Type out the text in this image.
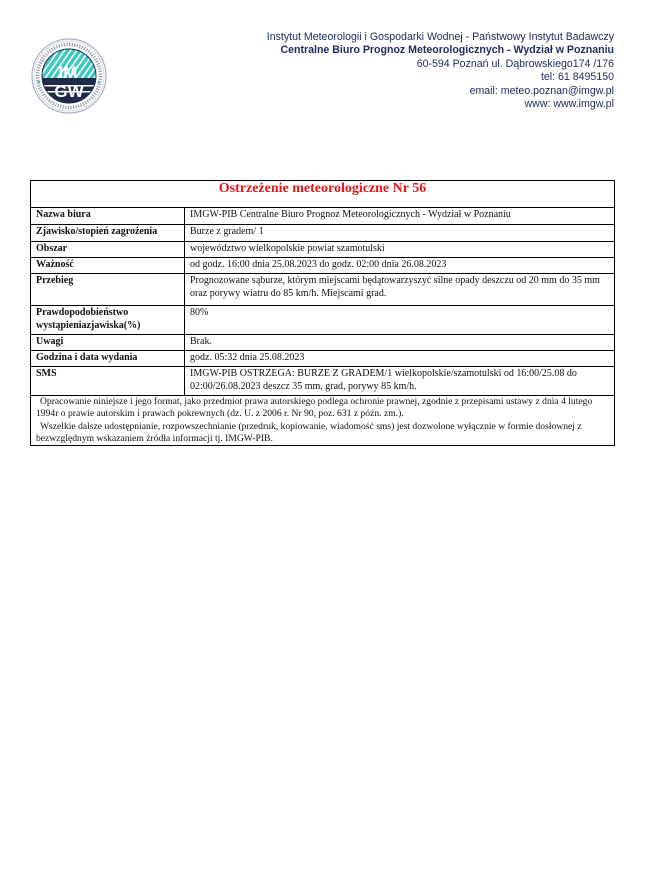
IM
GW
Instytut Meteorologii i Gospodarki Wodnej - Państwowy Instytut Badawczy
Centralne Biuro Prognoz Meteorologicznych - Wydział w Poznaniu
60-594 Poznań ul. Dąbrowskiego174 /176
tel: 61 8495150
email: meteo.poznan@imgw.pl
www: www.imgw.pl
Ostrzeżenie meteorologiczne Nr 56	
Nazwa biura	IMGW-PIB Centralne Biuro Prognoz Meteorologicznych - Wydział w Poznaniu
Zjawisko/stopień zagrożenia	Burze z gradem/ 1
Obszar	województwo wielkopolskie powiat szamotulski
Ważność	od godz. 16:00 dnia 25.08.2023 do godz. 02:00 dnia 26.08.2023
Przebieg	Prognozowane sąburze, którym miejscami będątowarzyszyć silne opady deszczu od 20 mm do 35 mm oraz porywy wiatru do 85 km/h. Miejscami grad.
Prawdopodobieństwo wystąpieniazjawiska(%)	80%
Uwagi	Brak.
Godzina i data wydania	godz. 05:32 dnia 25.08.2023
SMS	IMGW-PIB OSTRZEGA: BURZE Z GRADEM/1 wielkopolskie/szamotulski od 16:00/25.08 do 02:00/26.08.2023 deszcz 35 mm, grad, porywy 85 km/h.

Opracowanie niniejsze i jego format, jako przedmiot prawa autorskiego podlega ochronie prawnej, zgodnie z przepisami ustawy z dnia 4 lutego 1994r o prawie autorskim i prawach pokrewnych (dz. U. z 2006 r. Nr 90, poz. 631 z późn. zm.).
Wszelkie dalsze udostępnianie, rozpowszechnianie (przedruk, kopiowanie, wiadomość sms) jest dozwolone wyłącznie w formie dosłownej z bezwzględnym wskazaniem źródła informacji tj. IMGW-PIB.	
